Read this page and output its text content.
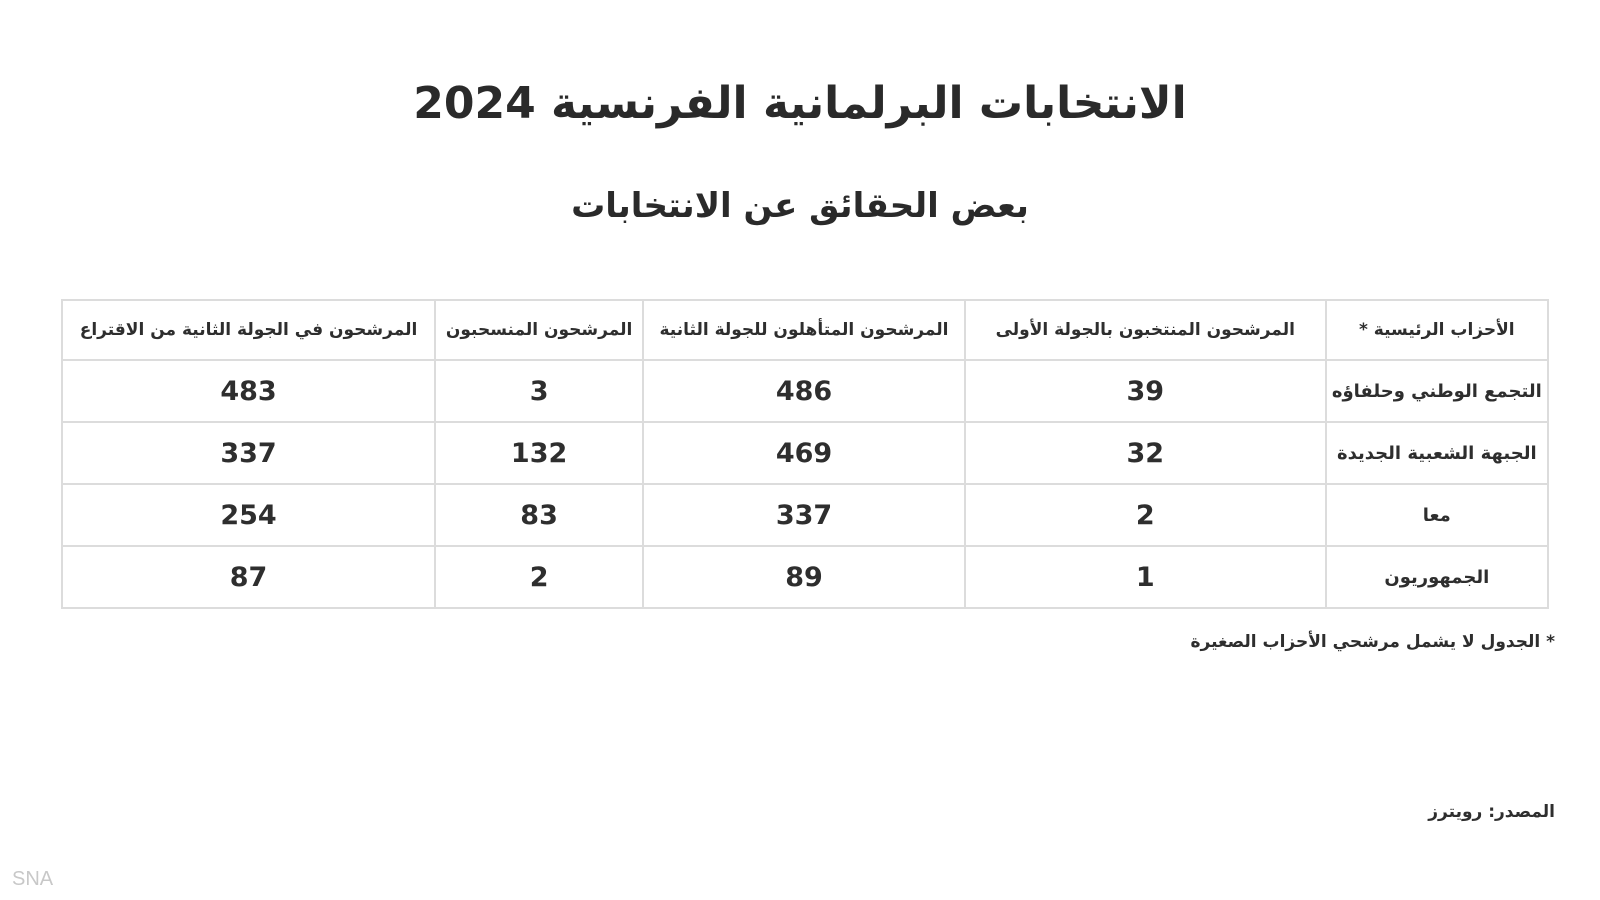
الانتخابات البرلمانية الفرنسية 2024
بعض الحقائق عن الانتخابات
الأحزاب الرئيسية *	المرشحون المنتخبون بالجولة الأولى	المرشحون المتأهلون للجولة الثانية	المرشحون المنسحبون	المرشحون في الجولة الثانية من الاقتراع
التجمع الوطني وحلفاؤه	39	486	3	483
الجبهة الشعبية الجديدة	32	469	132	337
معا	2	337	83	254
الجمهوريون	1	89	2	87
* الجدول لا يشمل مرشحي الأحزاب الصغيرة
المصدر: رويترز
SNA
